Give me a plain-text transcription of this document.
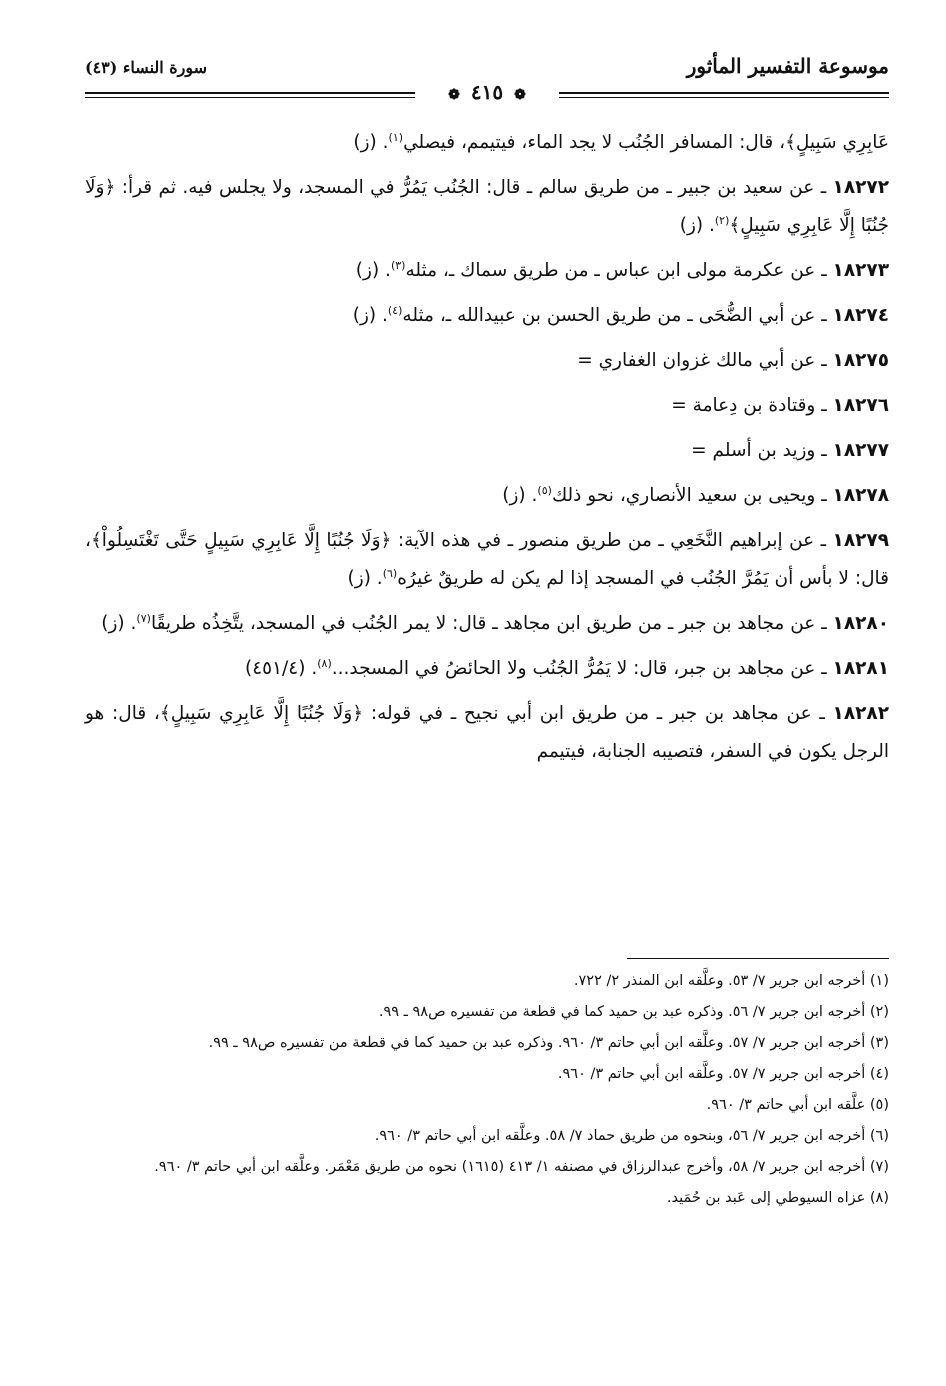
موسوعة التفسير المأثور
سورة النساء (٤٣)
❁ ٤١٥ ❁

عَابِرِي سَبِيلٍ﴾، قال: المسافر الجُنُب لا يجد الماء، فيتيمم، فيصلي$^{(١)}$. (ز)

١٨٢٧٢ ـ عن سعيد بن جبير ـ من طريق سالم ـ قال: الجُنُب يَمُرُّ في المسجد، ولا يجلس فيه. ثم قرأ: ﴿وَلَا جُنُبًا إِلَّا عَابِرِي سَبِيلٍ﴾$^{(٢)}$. (ز)

١٨٢٧٣ ـ عن عكرمة مولى ابن عباس ـ من طريق سماك ـ، مثله$^{(٣)}$. (ز)

١٨٢٧٤ ـ عن أبي الضُّحَى ـ من طريق الحسن بن عبيدالله ـ، مثله$^{(٤)}$. (ز)

١٨٢٧٥ ـ عن أبي مالك غزوان الغفاري =

١٨٢٧٦ ـ وقتادة بن دِعامة =

١٨٢٧٧ ـ وزيد بن أسلم =

١٨٢٧٨ ـ ويحيى بن سعيد الأنصاري، نحو ذلك$^{(٥)}$. (ز)

١٨٢٧٩ ـ عن إبراهيم النَّخَعِي ـ من طريق منصور ـ في هذه الآية: ﴿وَلَا جُنُبًا إِلَّا عَابِرِي سَبِيلٍ حَتَّى تَغْتَسِلُواْ﴾، قال: لا بأس أن يَمُرَّ الجُنُب في المسجد إذا لم يكن له طريقٌ غيرُه$^{(٦)}$. (ز)

١٨٢٨٠ ـ عن مجاهد بن جبر ـ من طريق ابن مجاهد ـ قال: لا يمر الجُنُب في المسجد، يتَّخِذُه طريقًا$^{(٧)}$. (ز)

١٨٢٨١ ـ عن مجاهد بن جبر، قال: لا يَمُرُّ الجُنُب ولا الحائضُ في المسجد...$^{(٨)}$. (٤٥١/٤)

١٨٢٨٢ ـ عن مجاهد بن جبر ـ من طريق ابن أبي نجيح ـ في قوله: ﴿وَلَا جُنُبًا إِلَّا عَابِرِي سَبِيلٍ﴾، قال: هو الرجل يكون في السفر، فتصيبه الجنابة، فيتيمم

(١) أخرجه ابن جرير ٧/ ٥٣. وعلَّقه ابن المنذر ٢/ ٧٢٢.

(٢) أخرجه ابن جرير ٧/ ٥٦. وذكره عبد بن حميد كما في قطعة من تفسيره ص٩٨ ـ ٩٩.

(٣) أخرجه ابن جرير ٧/ ٥٧. وعلَّقه ابن أبي حاتم ٣/ ٩٦٠. وذكره عبد بن حميد كما في قطعة من تفسيره ص٩٨ ـ ٩٩.

(٤) أخرجه ابن جرير ٧/ ٥٧. وعلَّقه ابن أبي حاتم ٣/ ٩٦٠.

(٥) علَّقه ابن أبي حاتم ٣/ ٩٦٠.

(٦) أخرجه ابن جرير ٧/ ٥٦، وبنحوه من طريق حماد ٧/ ٥٨. وعلَّقه ابن أبي حاتم ٣/ ٩٦٠.

(٧) أخرجه ابن جرير ٧/ ٥٨، وأخرج عبدالرزاق في مصنفه ١/ ٤١٣ (١٦١٥) نحوه من طريق مَعْمَر. وعلَّقه ابن أبي حاتم ٣/ ٩٦٠.

(٨) عزاه السيوطي إلى عَبد بن حُمَيد.
